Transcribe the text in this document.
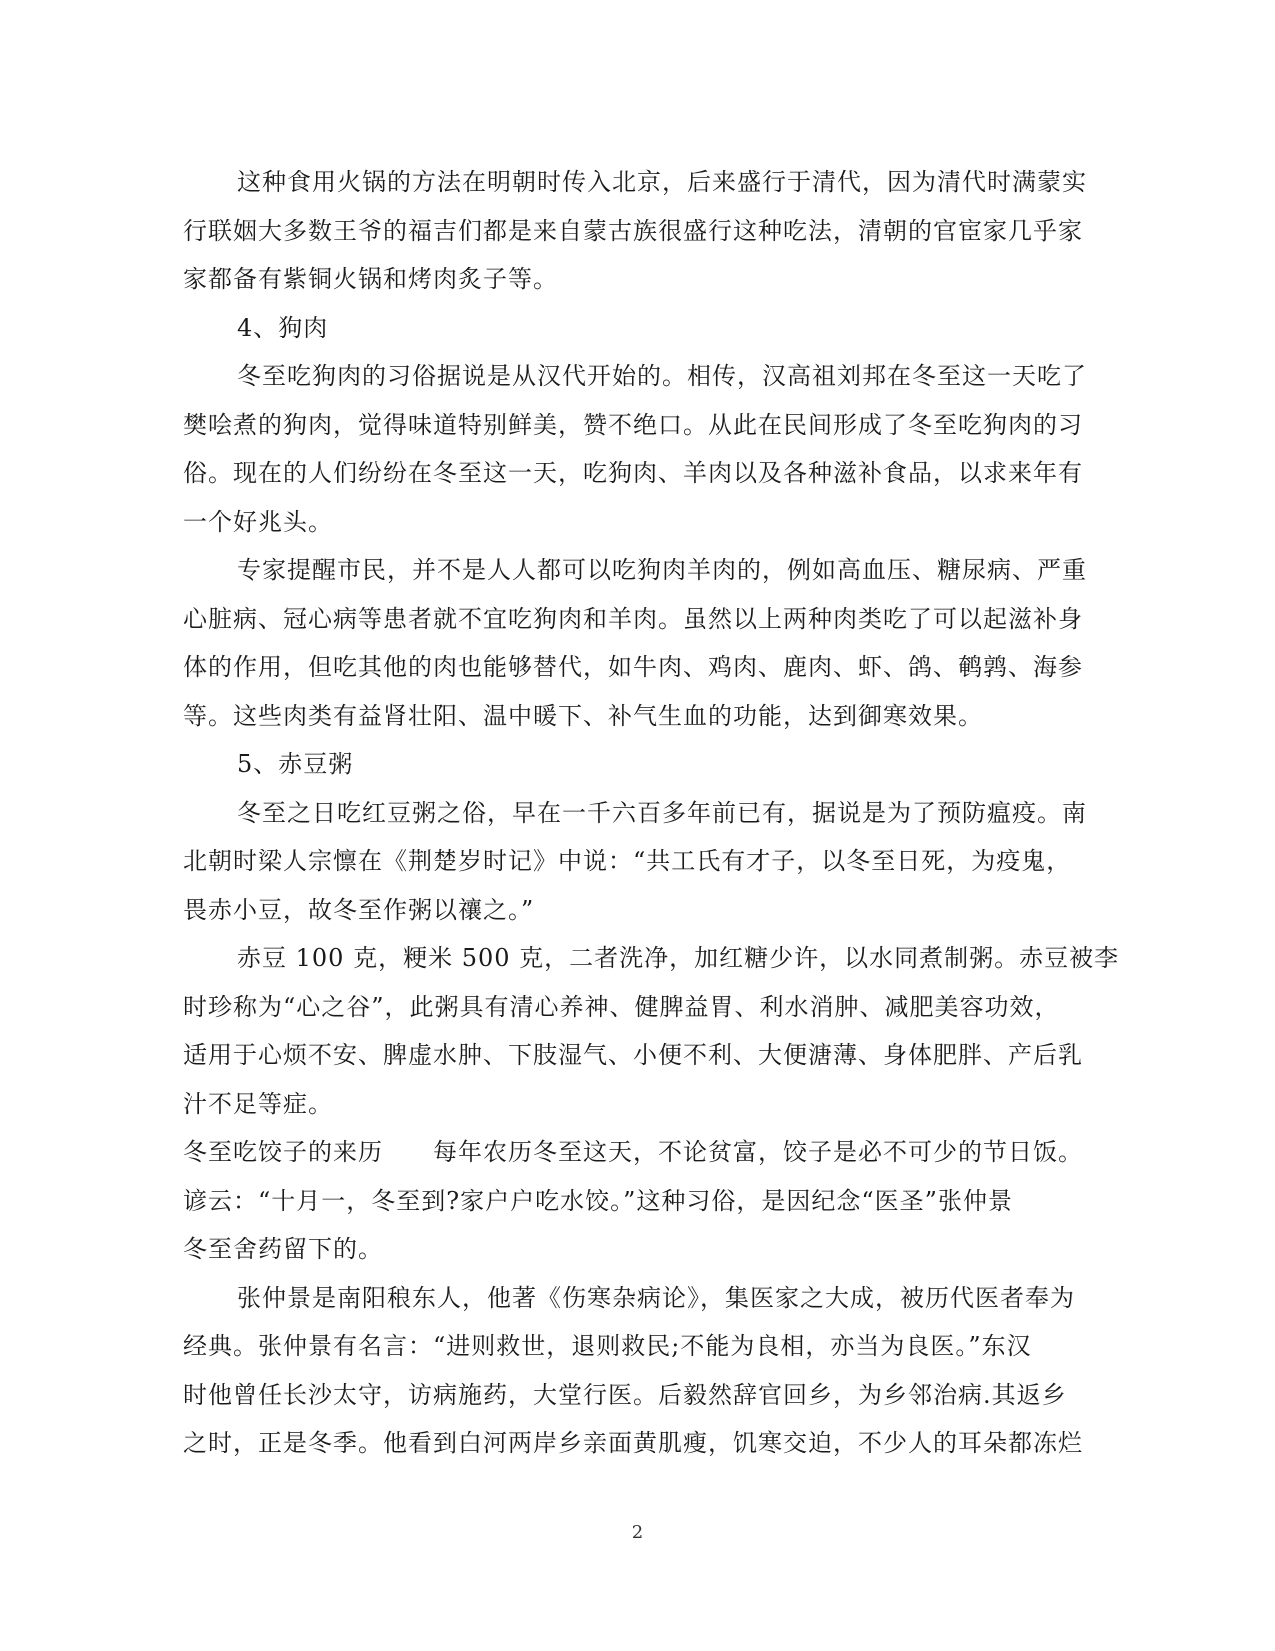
这种食用火锅的方法在明朝时传入北京，后来盛行于清代，因为清代时满蒙实
行联姻大多数王爷的福吉们都是来自蒙古族很盛行这种吃法，清朝的官宦家几乎家
家都备有紫铜火锅和烤肉炙子等。
4、狗肉
冬至吃狗肉的习俗据说是从汉代开始的。相传，汉高祖刘邦在冬至这一天吃了
樊哙煮的狗肉，觉得味道特别鲜美，赞不绝口。从此在民间形成了冬至吃狗肉的习
俗。现在的人们纷纷在冬至这一天，吃狗肉、羊肉以及各种滋补食品，以求来年有
一个好兆头。
专家提醒市民，并不是人人都可以吃狗肉羊肉的，例如高血压、糖尿病、严重
心脏病、冠心病等患者就不宜吃狗肉和羊肉。虽然以上两种肉类吃了可以起滋补身
体的作用，但吃其他的肉也能够替代，如牛肉、鸡肉、鹿肉、虾、鸽、鹌鹑、海参
等。这些肉类有益肾壮阳、温中暖下、补气生血的功能，达到御寒效果。
5、赤豆粥
冬至之日吃红豆粥之俗，早在一千六百多年前已有，据说是为了预防瘟疫。南
北朝时梁人宗懔在《荆楚岁时记》中说：“共工氏有才子，以冬至日死，为疫鬼，
畏赤小豆，故冬至作粥以禳之。”
赤豆 100 克，粳米 500 克，二者洗净，加红糖少许，以水同煮制粥。赤豆被李
时珍称为“心之谷”，此粥具有清心养神、健脾益胃、利水消肿、减肥美容功效，
适用于心烦不安、脾虚水肿、下肢湿气、小便不利、大便溏薄、身体肥胖、产后乳
汁不足等症。
冬至吃饺子的来历　　每年农历冬至这天，不论贫富，饺子是必不可少的节日饭。
谚云：“十月一，冬至到?家户户吃水饺。”这种习俗，是因纪念“医圣”张仲景
冬至舍药留下的。
张仲景是南阳稂东人，他著《伤寒杂病论》，集医家之大成，被历代医者奉为
经典。张仲景有名言：“进则救世，退则救民;不能为良相，亦当为良医。”东汉
时他曾任长沙太守，访病施药，大堂行医。后毅然辞官回乡，为乡邻治病.其返乡
之时，正是冬季。他看到白河两岸乡亲面黄肌瘦，饥寒交迫，不少人的耳朵都冻烂
2
